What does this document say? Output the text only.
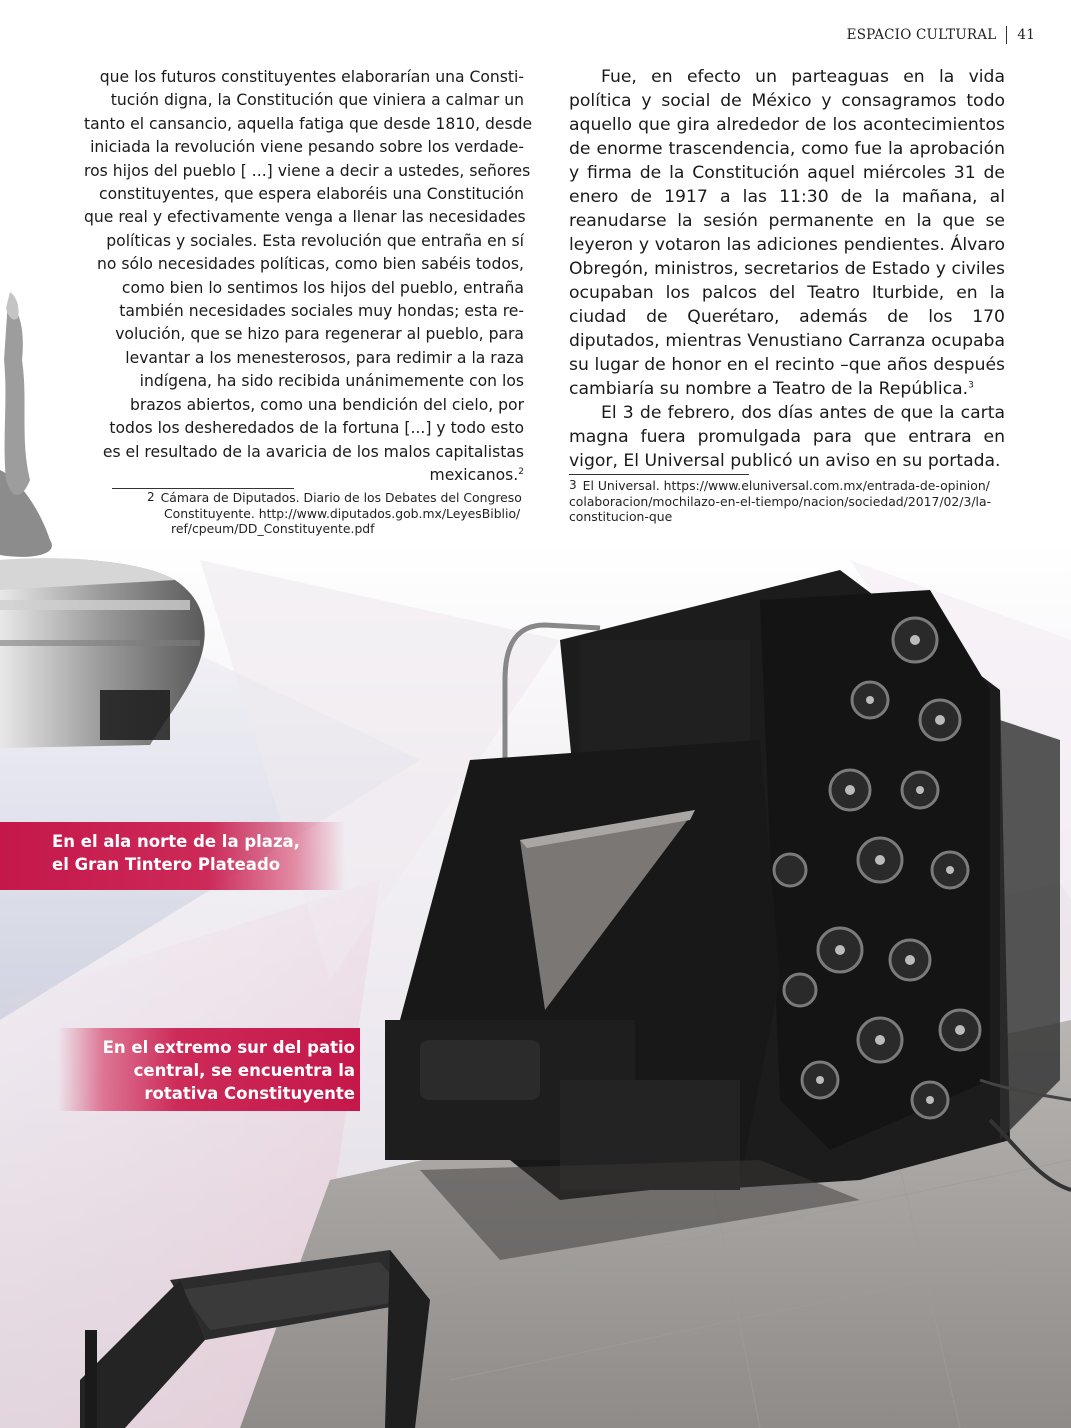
ESPACIO CULTURAL 41
que los futuros constituyentes elaborarían una Consti-
tución digna, la Constitución que viniera a calmar un
tanto el cansancio, aquella fatiga que desde 1810, desde
iniciada la revolución viene pesando sobre los verdade-
ros hijos del pueblo [ ...] viene a decir a ustedes, señores
constituyentes, que espera elaboréis una Constitución
que real y efectivamente venga a llenar las necesidades
políticas y sociales. Esta revolución que entraña en sí
no sólo necesidades políticas, como bien sabéis todos,
como bien lo sentimos los hijos del pueblo, entraña
también necesidades sociales muy hondas; esta re-
volución, que se hizo para regenerar al pueblo, para
levantar a los menesterosos, para redimir a la raza
indígena, ha sido recibida unánimemente con los
brazos abiertos, como una bendición del cielo, por
todos los desheredados de la fortuna [...] y todo esto
es el resultado de la avaricia de los malos capitalistas
mexicanos.$^2$
2 Cámara de Diputados. Diario de los Debates del Congreso
Constituyente. http://www.diputados.gob.mx/LeyesBiblio/
ref/cpeum/DD_Constituyente.pdf

Fue, en efecto un parteaguas en la vida política y social de México y consagramos todo aquello que gira alrededor de los acontecimientos de enorme trascendencia, como fue la aprobación y firma de la Constitución aquel miércoles 31 de enero de 1917 a las 11:30 de la mañana, al reanudarse la sesión permanente en la que se leyeron y votaron las adiciones pendientes. Álvaro Obregón, ministros, secretarios de Estado y civiles ocupaban los palcos del Teatro Iturbide, en la ciudad de Querétaro, además de los 170 diputados, mientras Venustiano Carranza ocupaba su lugar de honor en el recinto –que años después cambiaría su nombre a Teatro de la República.$^3$

El 3 de febrero, dos días antes de que la carta magna fuera promulgada para que entrara en vigor, El Universal publicó un aviso en su portada.

3 El Universal. https://www.eluniversal.com.mx/entrada-de-opinion/
colaboracion/mochilazo-en-el-tiempo/nacion/sociedad/2017/02/3/la-
constitucion-que
En el ala norte de la plaza,
el Gran Tintero Plateado
En el extremo sur del patio
central, se encuentra la
rotativa Constituyente
